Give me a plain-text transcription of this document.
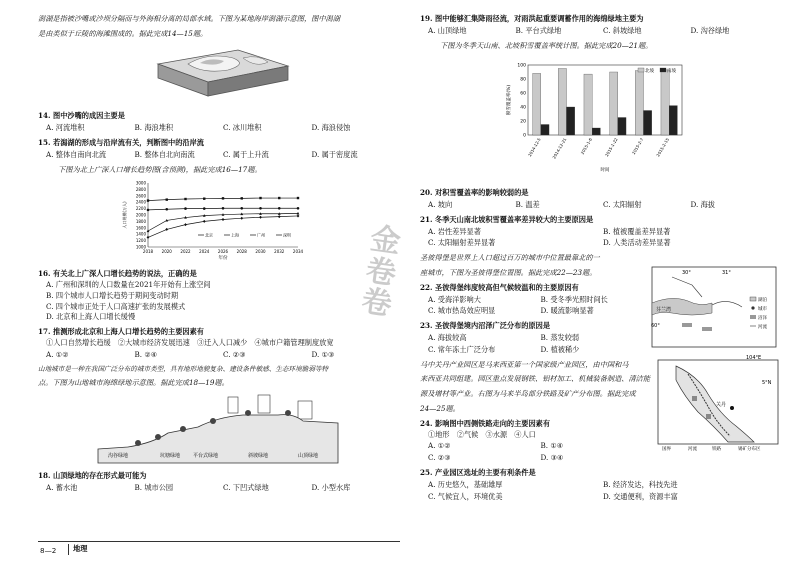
金
卷
卷

潟湖是指被沙嘴或沙坝分隔而与外海相分离的局部水域。下图为某地海岸潟湖示意图，图中潟湖

是由类似于丘陵的海滩围成的。据此完成14—15题。

14. 图中沙嘴的成因主要是

A. 河流堆积	B. 海浪堆积	C. 冰川堆积	D. 海浪侵蚀

15. 若潟湖的形成与沿岸流有关，判断图中的沿岸流

A. 整体自南向北流	B. 整体自北向南流	C. 属于上升流	D. 属于密度流

下图为北上广深人口增长趋势图(含预测)，据此完成16—17题。

1000
1200
1400
1600
1800
2000
2200
2400
2600
2800
3000
2018 2020 2022 2024 2026 2028 2030 2032 2034
人口规模(万人)
年份
北京	上海	广州	深圳

16. 有关北上广深人口增长趋势的说法，正确的是

A. 广州和深圳的人口数量在2021年开始有上涨空间

B. 四个城市人口增长趋势于期间变动时期

C. 四个城市正处于人口高速扩张的发展模式

D. 北京和上海人口增长缓慢

17. 推测形成北京和上海人口增长趋势的主要因素有

①人口自然增长趋缓　②大城市经济发展迅速　③迁入人口减少　④城市户籍管理制度放宽

A. ①②	B. ②④	C. ②③	D. ①③

山地城市是一种在我国广泛分布的城市类型，具有地形地貌复杂、建设条件敏感、生态环境脆弱等特

点。下图为山地城市海绵绿地示意图。据此完成18—19题。

沟谷绿地	山顶绿地
坑塘绿地	平台式绿地	斜坡绿地

18. 山顶绿地的存在形式最可能为

A. 蓄水池	B. 城市公园	C. 下凹式绿地	D. 小型水库
8—2	地理

19. 图中能够汇集降雨径流，对雨洪起重要调蓄作用的海绵绿地主要为

A. 山顶绿地	B. 平台式绿地	C. 斜坡绿地	D. 沟谷绿地

下图为冬季天山南、北坡积雪覆盖率统计图。据此完成20—21题。

0
20
40
60
80
100
积雪覆盖率(%)
2014-12-5 2014-12-21	2015-1-6	2015-1-22	2015-2-7	2015-2-15
时间
北坡	南坡

20. 对积雪覆盖率的影响较弱的是

A. 坡向	B. 温差	C. 太阳辐射	D. 海拔

21. 冬季天山南北坡积雪覆盖率差异较大的主要原因是

A. 岩性差异显著	B. 植被覆盖差异显著
C. 太阳辐射差异显著	D. 人类活动差异显著

圣彼得堡是世界上人口超过百万的城市中位置最靠北的一

座城市，下图为圣彼得堡位置图。据此完成22—23题。

22. 圣彼得堡纬度较高但气候较温和的主要原因有

A. 受海洋影响大	B. 受冬季光照时间长
C. 城市热岛效应明显	D. 暖流影响显著

23. 圣彼得堡境内沼泽广泛分布的原因是

A. 海拔较高	B. 蒸发较弱
C. 常年冻土广泛分布	D. 植被稀少
芬兰湾
30°	31°
60°
湖泊
城市
沼泽
河流

马中关丹产业园区是马来西亚第一个国家级产业园区，由中国和马

来西亚共同组建。园区重点发展钢铁、铝材加工、机械装备制造、清洁能

源及增材等产业。右图为马来半岛部分铁路及矿产分布图。据此完成

24—25题。

24. 影响图中西侧铁路走向的主要因素有

①地形　②气候　③水源　④人口

A. ①②	B. ①④
C. ②③	D. ③④

25. 产业园区选址的主要有利条件是

A. 历史悠久，基础雄厚	B. 经济发达，科技先进
C. 气候宜人，环境优美	D. 交通便利，资源丰富
104°E
5°N
关丹
国界	河流	铁路	锡矿分布区
